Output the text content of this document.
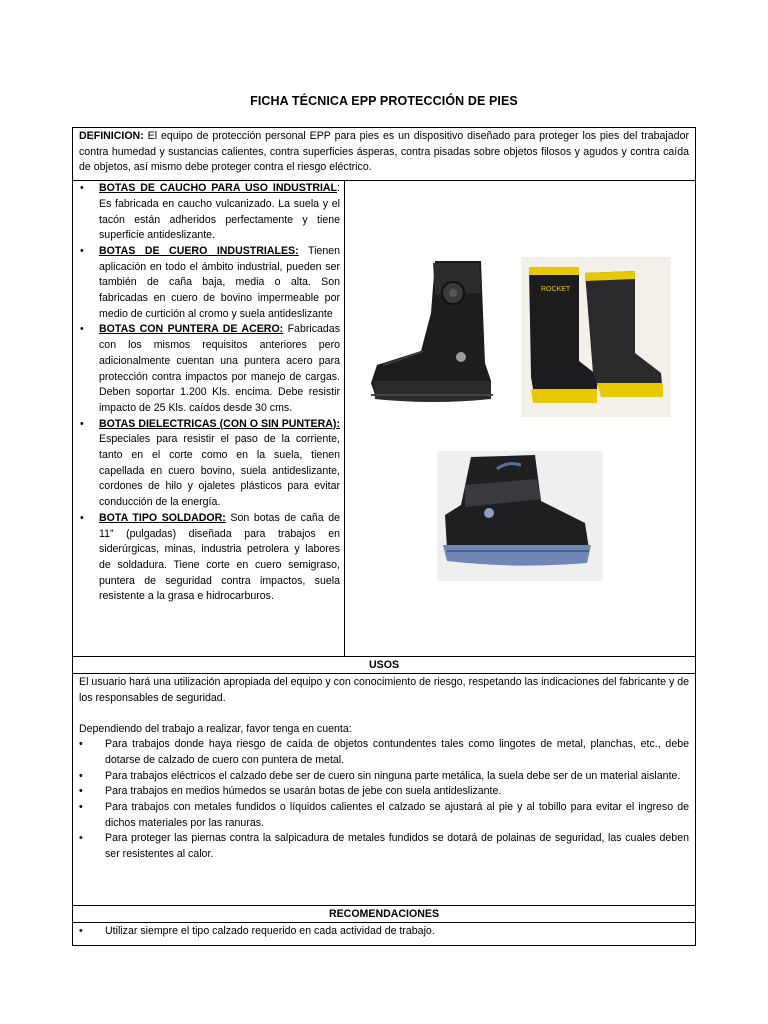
FICHA TÉCNICA EPP PROTECCIÓN DE PIES
DEFINICION: El equipo de protección personal EPP para pies es un dispositivo diseñado para proteger los pies del trabajador contra humedad y sustancias calientes, contra superficies ásperas, contra pisadas sobre objetos filosos y agudos y contra caída de objetos, así mismo debe proteger contra el riesgo eléctrico.
• BOTAS DE CAUCHO PARA USO INDUSTRIAL: Es fabricada en caucho vulcanizado. La suela y el tacón están adheridos perfectamente y tiene superficie antideslizante.
• BOTAS DE CUERO INDUSTRIALES: Tienen aplicación en todo el ámbito industrial, pueden ser también de caña baja, media o alta. Son fabricadas en cuero de bovino impermeable por medio de curtición al cromo y suela antideslizante
• BOTAS CON PUNTERA DE ACERO: Fabricadas con los mismos requisitos anteriores pero adicionalmente cuentan una puntera acero para protección contra impactos por manejo de cargas. Deben soportar 1.200 Kls. encima. Debe resistir impacto de 25 Kls. caídos desde 30 cms.
• BOTAS DIELECTRICAS (CON O SIN PUNTERA): Especiales para resistir el paso de la corriente, tanto en el corte como en la suela, tienen capellada en cuero bovino, suela antideslizante, cordones de hilo y ojaletes plásticos para evitar conducción de la energía.
• BOTA TIPO SOLDADOR: Son botas de caña de 11” (pulgadas) diseñada para trabajos en siderúrgicas, minas, industria petrolera y labores de soldadura. Tiene corte en cuero semigraso, puntera de seguridad contra impactos, suela resistente a la grasa e hidrocarburos.
ROCKET
USOS

El usuario hará una utilización apropiada del equipo y con conocimiento de riesgo, respetando las indicaciones del fabricante y de los responsables de seguridad.

Dependiendo del trabajo a realizar, favor tenga en cuenta:

• Para trabajos donde haya riesgo de caída de objetos contundentes tales como lingotes de metal, planchas, etc., debe dotarse de calzado de cuero con puntera de metal.
• Para trabajos eléctricos el calzado debe ser de cuero sin ninguna parte metálica, la suela debe ser de un material aislante.
• Para trabajos en medios húmedos se usarán botas de jebe con suela antideslizante.
• Para trabajos con metales fundidos o líquidos calientes el calzado se ajustará al pie y al tobillo para evitar el ingreso de dichos materiales por las ranuras.
• Para proteger las piernas contra la salpicadura de metales fundidos se dotará de polainas de seguridad, las cuales deben ser resistentes al calor.
RECOMENDACIONES
• Utilizar siempre el tipo calzado requerido en cada actividad de trabajo.
